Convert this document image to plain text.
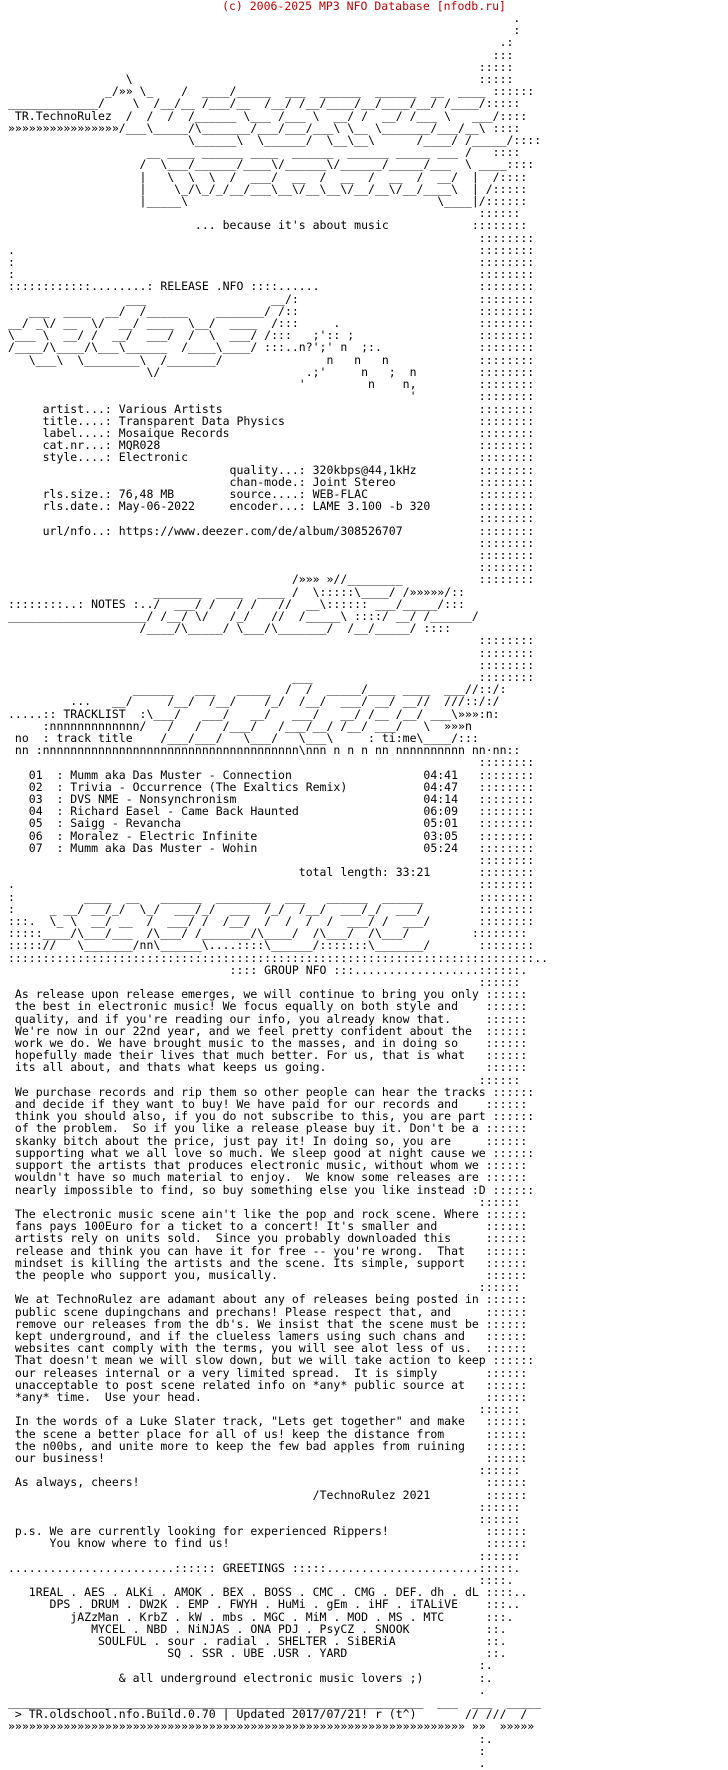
(c) 2006-2025 MP3 NFO Database [nfodb.ru]
.
:
.:
:::
:::::
\                                                  :::::
_/»» \_    /  ____/_____  ___  ______  ______  __  ____ ::::::
_____________/    \  /__/__ /___/__  /__/ /__/____/__/____/__/ /____/:::::
TR.TechnoRulez  /  /  /  /______ \___ /___ \  __/ /  __/ /___ \   ___/::::
»»»»»»»»»»»»»»»»/___\_____/\_______/___/___/___\ \__ \_______/___/__\ ::::
\______\  \______/  \__\__\      /____/ /_____/::::
__ ____ ______ ____  ______  ______ _____ ___ /   ::::
/  \___/______/____\/______\/______/_____/___  \ ____::::
|   \  \  \  /  ___/  __  /  __  /  __  /  __/  |  /::::
|    \_/\_/_/__/___\__\/__\__\/__/__\/__/____\  | /:::::
|_____\                                    \____|/::::::
::::::
... because it's about music            ::::::::
::::::::
.                                                                   ::::::::
:                                                                   ::::::::
:                                                                   ::::::::
::::::::::::........: RELEASE .NFO ::::......                       ::::::::
___                  __/:                          ::::::::
___  ____  __/  /______    _______/ /::                          ::::::::
__/ _\/ __  \/  __/ ____  \__/  ____  /:::     .                    ::::::::
\___ \  __/ /  __/  ___/  /  \  ___/ /:::   ;':: ;                  ::::::::
/____/\____/\___\______  /____\____/ :::..n?';' n  ;:.              ::::::::
\___\  \________\  /_______/               n   n   n             ::::::::
\/                     .;'     n   ;  n         ::::::::
'         n    n,         ::::::::
'         ::::::::
artist...: Various Artists                                     ::::::::
title....: Transparent Data Physics                            ::::::::
label....: Mosaique Records                                    ::::::::
cat.nr...: MQR028                                              ::::::::
style....: Electronic                                          ::::::::
quality...: 320kbps@44,1kHz         ::::::::
chan-mode.: Joint Stereo            ::::::::
rls.size.: 76,48 MB        source....: WEB-FLAC                ::::::::
rls.date.: May-06-2022     encoder...: LAME 3.100 -b 320       ::::::::
::::::::
url/nfo..: https://www.deezer.com/de/album/308526707           ::::::::
::::::::
::::::::
::::::::
/»»» »//________           ::::::::
_______  ____  ____ /  \:::::\____/ /»»»»»/::
::::::::..: NOTES :../  ___/ /   / /   //  __\:::::: ___/_____/:::
____________________/ /__/ \/   /_/   //  /_____\ ::::/ __/ /______/
/____/\_____/ \___/\_______/  /__/_____/ ::::
::::::::
::::::::
::::::::
___                        ::::::::
______   ___   _____  /  /  _____/____ ____  ___//::/:
...   __/     /__/  /__/    /_/  /__/  ___/ __/ __//  ///::/:/
.....:: TRACKLIST  :\___/   ___/   __/   ___/   __/ /__ /__/ ___\»»»:n:
:nnnnnnnnnnnnn/   /   /   /___/   /___/__/ /__/ ___/   \  »»»n
no  : track title    /___/___/   \___/   \___\     : ti:me\____/:::
nn :nnnnnnnnnnnnnnnnnnnnnnnnnnnnnnnnnnnnn\nnn n n n nn nnnnnnnnnn nn·nn::
::::::::
01  : Mumm aka Das Muster - Connection                   04:41   ::::::::
02  : Trivia - Occurrence (The Exaltics Remix)           04:47   ::::::::
03  : DVS NME - Nonsynchronism                           04:14   ::::::::
04  : Richard Easel - Came Back Haunted                  06:09   ::::::::
05  : Saigg - Revancha                                   05:01   ::::::::
06  : Moralez - Electric Infinite                        03:05   ::::::::
07  : Mumm aka Das Muster - Wohin                        05:24   ::::::::
::::::::
total length: 33:21       ::::::::
.                                                                   ::::::::
:          ____  __   ______  ________  ___   ______  ______        ::::::::
:     _ __/ __/_/  \_/  ___/_/  ___  /_/  /__/  ___/_/  ___/        ::::::::
:::.  \_ \  __/ __  /  ___/ /  /__/  /  /  /  /  ___/ /  ___/       ::::::::
:::::____/\___/___  /\___/ /_______/\____/  /\___/  /\___/         ::::::::
::::://   \_______/nn\______\....::::\______/:::::::\_______/       ::::::::
::::::::::::::::::::::::::::::::::::::::::::::::::::::::::::::::::::::::::::..
:::: GROUP NFO :::..................::::::.
::::::
As release upon release emerges, we will continue to bring you only ::::::
the best in electronic music! We focus equally on both style and    ::::::
quality, and if you're reading our info, you already know that.     ::::::
We're now in our 22nd year, and we feel pretty confident about the  ::::::
work we do. We have brought music to the masses, and in doing so    ::::::
hopefully made their lives that much better. For us, that is what   ::::::
its all about, and thats what keeps us going.                       ::::::
::::::
We purchase records and rip them so other people can hear the tracks ::::::
and decide if they want to buy! We have paid for our records and    ::::::
think you should also, if you do not subscribe to this, you are part ::::::
of the problem.  So if you like a release please buy it. Don't be a ::::::
skanky bitch about the price, just pay it! In doing so, you are     ::::::
supporting what we all love so much. We sleep good at night cause we ::::::
support the artists that produces electronic music, without whom we ::::::
wouldn't have so much material to enjoy.  We know some releases are ::::::
nearly impossible to find, so buy something else you like instead :D ::::::
::::::
The electronic music scene ain't like the pop and rock scene. Where ::::::
fans pays 100Euro for a ticket to a concert! It's smaller and       ::::::
artists rely on units sold.  Since you probably downloaded this     ::::::
release and think you can have it for free -- you're wrong.  That   ::::::
mindset is killing the artists and the scene. Its simple, support   ::::::
the people who support you, musically.                              ::::::
::::::
We at TechnoRulez are adamant about any of releases being posted in ::::::
public scene dupingchans and prechans! Please respect that, and     ::::::
remove our releases from the db's. We insist that the scene must be ::::::
kept underground, and if the clueless lamers using such chans and   ::::::
websites cant comply with the terms, you will see alot less of us.  ::::::
That doesn't mean we will slow down, but we will take action to keep ::::::
our releases internal or a very limited spread.  It is simply       ::::::
unacceptable to post scene related info on *any* public source at   ::::::
*any* time.  Use your head.                                         ::::::
::::::
In the words of a Luke Slater track, "Lets get together" and make   ::::::
the scene a better place for all of us! keep the distance from      ::::::
the n00bs, and unite more to keep the few bad apples from ruining   ::::::
our business!                                                       ::::::
::::::
As always, cheers!                                                  ::::::
/TechnoRulez 2021        ::::::
::::::
::::::
p.s. We are currently looking for experienced Rippers!              ::::::
You know where to find us!                                     ::::::
::::::
........................:::::: GREETINGS :::::......................:::::.
::::.
1REAL . AES . ALKi . AMOK . BEX . BOSS . CMC . CMG . DEF. dh . dL ::::..
DPS . DRUM . DW2K . EMP . FWYH . HuMi . gEm . iHF . iTALiVE    :::..
jAZzMan . KrbZ . kW . mbs . MGC . MiM . MOD . MS . MTC      :::.
MYCEL . NBD . NiNJAS . ONA PDJ . PsyCZ . SNOOK           ::.
SOULFUL . sour . radial . SHELTER . SiBERiA             ::.
SQ . SSR . UBE .USR . YARD                    ::.
:.
& all underground electronic music lovers ;)        :.
.
____________________________________________________________  ___  ___  _____
> TR.oldschool.nfo.Build.0.70 | Updated 2017/07/21! r (t^)       // ///  /
»»»»»»»»»»»»»»»»»»»»»»»»»»»»»»»»»»»»»»»»»»»»»»»»»»»»»»»»»»»»»»»»»» »»  »»»»»
:.
:
.
